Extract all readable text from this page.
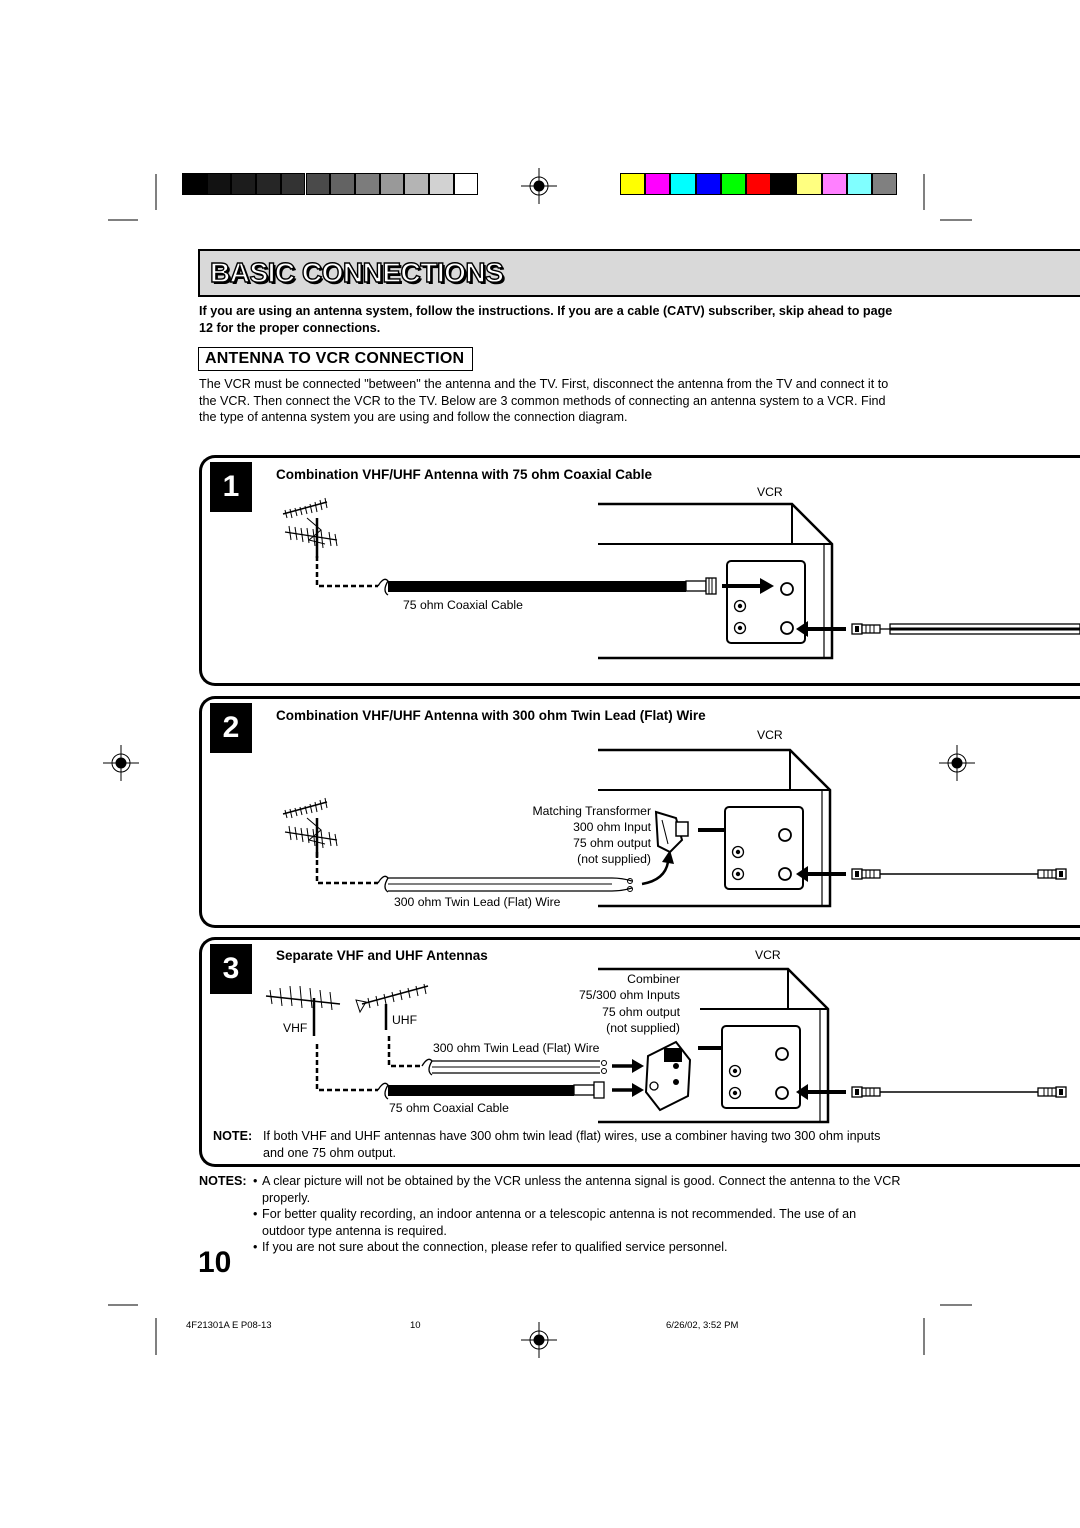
BASIC CONNECTIONS
If you are using an antenna system, follow the instructions. If you are a cable (CATV) subscriber, skip ahead to page 12 for the proper connections.
ANTENNA TO VCR CONNECTION
The VCR must be connected "between" the antenna and the TV. First, disconnect the antenna from the TV and connect it to the VCR. Then connect the VCR to the TV. Below are 3 common methods of connecting an antenna system to a VCR. Find the type of antenna system you are using and follow the connection diagram.
1	Combination VHF/UHF Antenna with 75 ohm Coaxial Cable
VCR
75 ohm Coaxial Cable
2	Combination VHF/UHF Antenna with 300 ohm Twin Lead (Flat) Wire
VCR
Matching Transformer
300 ohm Input
75 ohm output
(not supplied)
300 ohm Twin Lead (Flat) Wire
3	Separate VHF and UHF Antennas	VCR
VHF
UHF
Combiner
75/300 ohm Inputs
75 ohm output
(not supplied)
300 ohm Twin Lead (Flat) Wire
75 ohm Coaxial Cable
NOTE: If both VHF and UHF antennas have 300 ohm twin lead (flat) wires, use a combiner having two 300 ohm inputs and one 75 ohm output.
NOTES: • A clear picture will not be obtained by the VCR unless the antenna signal is good. Connect the antenna to the VCR properly.
• For better quality recording, an indoor antenna or a telescopic antenna is not recommended. The use of an outdoor type antenna is required.
• If you are not sure about the connection, please refer to qualified service personnel.
10
4F21301A E P08-13	10	6/26/02, 3:52 PM
